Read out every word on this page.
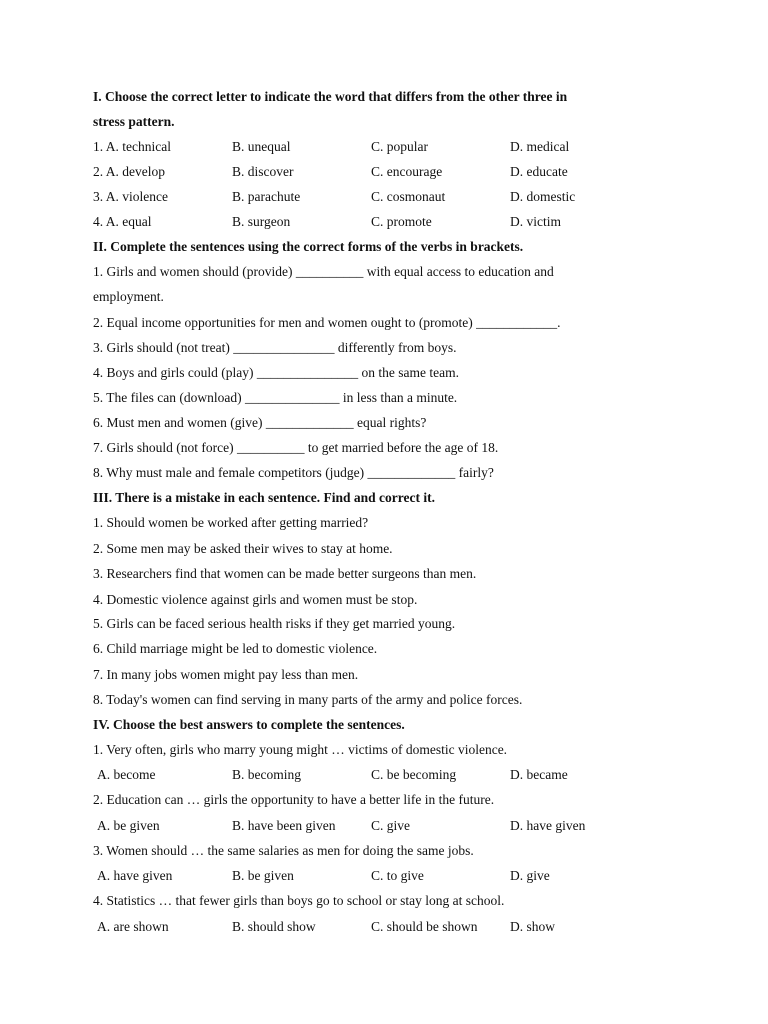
I. Choose the correct letter to indicate the word that differs from the other three in
stress pattern.
1. A. technical	B. unequal	C. popular	D. medical
2. A. develop	B. discover	C. encourage	D. educate
3. A. violence	B. parachute	C. cosmonaut	D. domestic
4. A. equal	B. surgeon	C. promote	D. victim
II. Complete the sentences using the correct forms of the verbs in brackets.
1. Girls and women should (provide) __________ with equal access to education and
employment.
2. Equal income opportunities for men and women ought to (promote) ____________.
3. Girls should (not treat) _______________ differently from boys.
4. Boys and girls could (play) _______________ on the same team.
5. The files can (download) ______________ in less than a minute.
6. Must men and women (give) _____________ equal rights?
7. Girls should (not force) __________ to get married before the age of 18.
8. Why must male and female competitors (judge) _____________ fairly?
III. There is a mistake in each sentence. Find and correct it.
1. Should women be worked after getting married?
2. Some men may be asked their wives to stay at home.
3. Researchers find that women can be made better surgeons than men.
4. Domestic violence against girls and women must be stop.
5. Girls can be faced serious health risks if they get married young.
6. Child marriage might be led to domestic violence.
7. In many jobs women might pay less than men.
8. Today's women can find serving in many parts of the army and police forces.
IV. Choose the best answers to complete the sentences.
1. Very often, girls who marry young might … victims of domestic violence.
A. become	B. becoming	C. be becoming	D. became
2. Education can … girls the opportunity to have a better life in the future.
A. be given	B. have been given	C. give	D. have given
3. Women should … the same salaries as men for doing the same jobs.
A. have given	B. be given	C. to give	D. give
4. Statistics … that fewer girls than boys go to school or stay long at school.
A. are shown	B. should show	C. should be shown D. show
